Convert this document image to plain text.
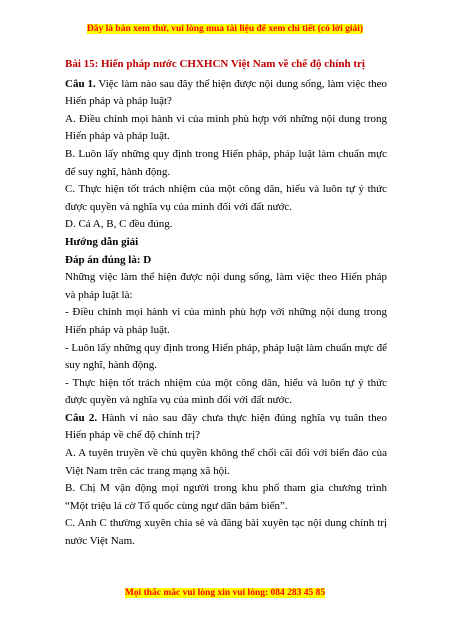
Đây là bản xem thử, vui lòng mua tài liệu để xem chi tiết (có lời giải)

Bài 15: Hiến pháp nước CHXHCN Việt Nam về chế độ chính trị

Câu 1. Việc làm nào sau đây thể hiện được nội dung sống, làm việc theo Hiến pháp và pháp luật?

A. Điều chỉnh mọi hành vi của mình phù hợp với những nội dung trong Hiến pháp và pháp luật.

B. Luôn lấy những quy định trong Hiến pháp, pháp luật làm chuẩn mực để suy nghĩ, hành động.

C. Thực hiện tốt trách nhiệm của một công dân, hiểu và luôn tự ý thức được quyền và nghĩa vụ của mình đối với đất nước.

D. Cả A, B, C đều đúng.

Hướng dẫn giải

Đáp án đúng là: D

Những việc làm thể hiện được nội dung sống, làm việc theo Hiến pháp và pháp luật là:

- Điều chỉnh mọi hành vi của mình phù hợp với những nội dung trong Hiến pháp và pháp luật.

- Luôn lấy những quy định trong Hiến pháp, pháp luật làm chuẩn mực để suy nghĩ, hành động.

- Thực hiện tốt trách nhiệm của một công dân, hiểu và luôn tự ý thức được quyền và nghĩa vụ của mình đối với đất nước.

Câu 2. Hành vi nào sau đây chưa thực hiện đúng nghĩa vụ tuân theo Hiến pháp về chế độ chính trị?

A. A tuyên truyền về chủ quyền không thể chối cãi đối với biển đảo của Việt Nam trên các trang mạng xã hội.

B. Chị M vận động mọi người trong khu phố tham gia chương trình “Một triệu lá cờ Tổ quốc cùng ngư dân bám biển”.

C. Anh C thường xuyên chia sẻ và đăng bài xuyên tạc nội dung chính trị nước Việt Nam.

Mọi thắc mắc vui lòng xin vui lòng: 084 283 45 85
